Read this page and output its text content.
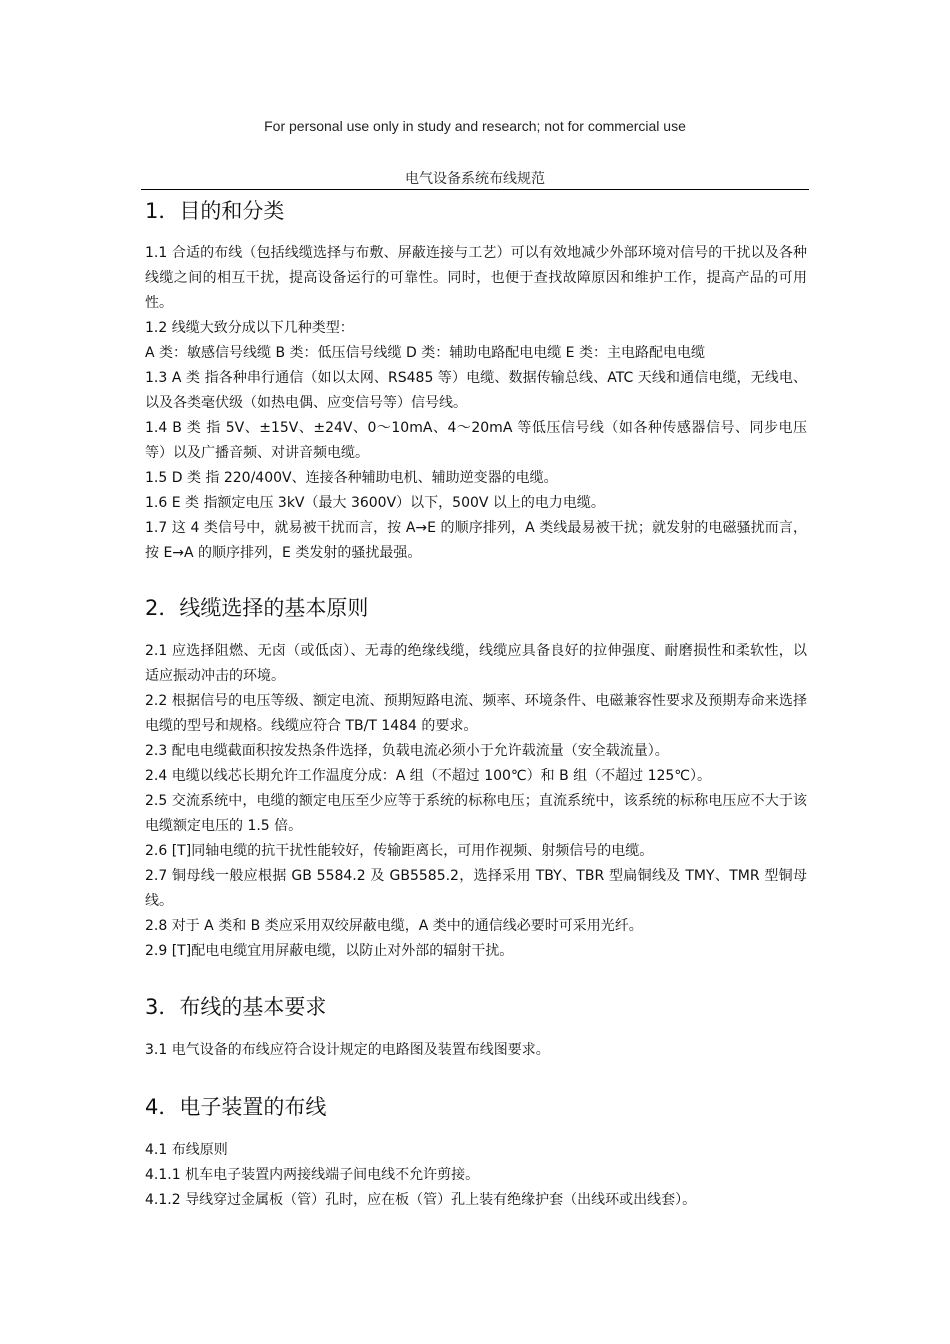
For personal use only in study and research; not for commercial use
电气设备系统布线规范
1．目的和分类

1.1 合适的布线（包括线缆选择与布敷、屏蔽连接与工艺）可以有效地减少外部环境对信号的干扰以及各种线缆之间的相互干扰，提高设备运行的可靠性。同时，也便于查找故障原因和维护工作，提高产品的可用性。

1.2 线缆大致分成以下几种类型：

A 类：敏感信号线缆 B 类：低压信号线缆 D 类：辅助电路配电电缆 E 类：主电路配电电缆

1.3 A 类 指各种串行通信（如以太网、RS485 等）电缆、数据传输总线、ATC 天线和通信电缆，无线电、以及各类毫伏级（如热电偶、应变信号等）信号线。

1.4 B 类 指 5V、±15V、±24V、0～10mA、4～20mA 等低压信号线（如各种传感器信号、同步电压等）以及广播音频、对讲音频电缆。

1.5 D 类 指 220/400V、连接各种辅助电机、辅助逆变器的电缆。

1.6 E 类 指额定电压 3kV（最大 3600V）以下，500V 以上的电力电缆。

1.7 这 4 类信号中，就易被干扰而言，按 A→E 的顺序排列，A 类线最易被干扰；就发射的电磁骚扰而言，按 E→A 的顺序排列，E 类发射的骚扰最强。

2．线缆选择的基本原则

2.1 应选择阻燃、无卤（或低卤）、无毒的绝缘线缆，线缆应具备良好的拉伸强度、耐磨损性和柔软性，以适应振动冲击的环境。

2.2 根据信号的电压等级、额定电流、预期短路电流、频率、环境条件、电磁兼容性要求及预期寿命来选择电缆的型号和规格。线缆应符合 TB/T 1484 的要求。

2.3 配电电缆截面积按发热条件选择，负载电流必须小于允许载流量（安全载流量）。

2.4 电缆以线芯长期允许工作温度分成：A 组（不超过 100℃）和 B 组（不超过 125℃）。

2.5 交流系统中，电缆的额定电压至少应等于系统的标称电压；直流系统中，该系统的标称电压应不大于该电缆额定电压的 1.5 倍。

2.6 [T]同轴电缆的抗干扰性能较好，传输距离长，可用作视频、射频信号的电缆。

2.7 铜母线一般应根据 GB 5584.2 及 GB5585.2，选择采用 TBY、TBR 型扁铜线及 TMY、TMR 型铜母线。

2.8 对于 A 类和 B 类应采用双绞屏蔽电缆，A 类中的通信线必要时可采用光纤。

2.9 [T]配电电缆宜用屏蔽电缆，以防止对外部的辐射干扰。

3．布线的基本要求

3.1 电气设备的布线应符合设计规定的电路图及装置布线图要求。

4．电子装置的布线

4.1 布线原则

4.1.1 机车电子装置内两接线端子间电线不允许剪接。

4.1.2 导线穿过金属板（管）孔时，应在板（管）孔上装有绝缘护套（出线环或出线套）。
